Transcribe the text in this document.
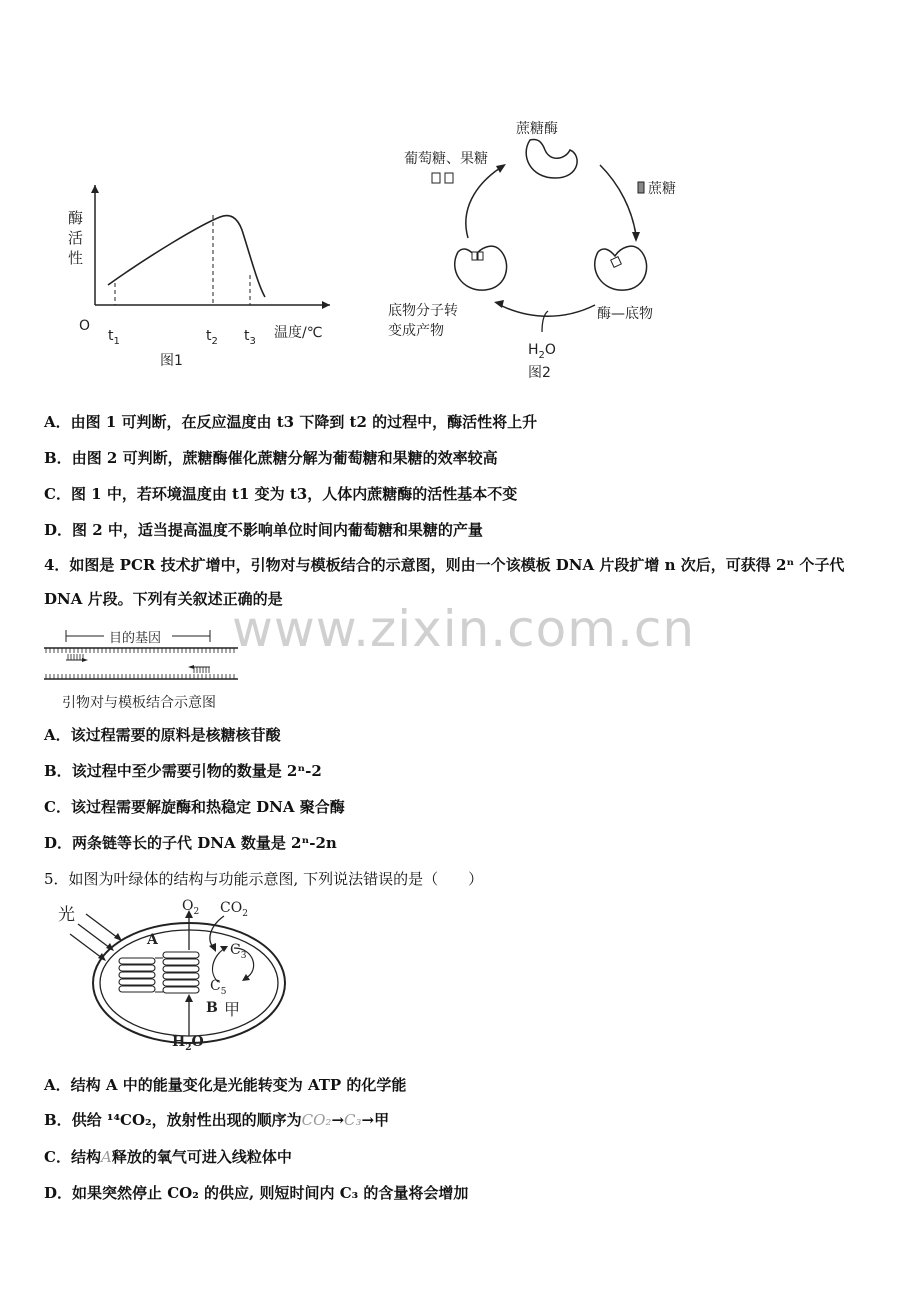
酶
活
性
O
$t_1$	$t_2$ $t_3$
温度/℃
图1
蔗糖酶
葡萄糖、果糖
蔗糖
酶—底物
底物分子转
变成产物
$H_2O$
图2
A．由图 1 可判断，在反应温度由 t3 下降到 t2 的过程中，酶活性将上升
B．由图 2 可判断，蔗糖酶催化蔗糖分解为葡萄糖和果糖的效率较高
C．图 1 中，若环境温度由 t1 变为 t3，人体内蔗糖酶的活性基本不变
D．图 2 中，适当提高温度不影响单位时间内葡萄糖和果糖的产量
4．如图是 PCR 技术扩增中，引物对与模板结合的示意图，则由一个该模板 DNA 片段扩增 n 次后，可获得 2ⁿ 个子代 DNA 片段。下列有关叙述正确的是
www.zixin.com.cn
目的基因
引物对与模板结合示意图
A．该过程需要的原料是核糖核苷酸
B．该过程中至少需要引物的数量是 2ⁿ-2
C．该过程需要解旋酶和热稳定 DNA 聚合酶
D．两条链等长的子代 DNA 数量是 2ⁿ-2n
5．如图为叶绿体的结构与功能示意图, 下列说法错误的是（　　）
光	$O_2$ $CO_2$
A
$C_3$
$C_5$
B 甲
$H_2O$
A．结构 A 中的能量变化是光能转变为 ATP 的化学能
B．供给 ¹⁴CO₂，放射性出现的顺序为CO₂→C₃→甲
C．结构A释放的氧气可进入线粒体中
D．如果突然停止 CO₂ 的供应, 则短时间内 C₃ 的含量将会增加
